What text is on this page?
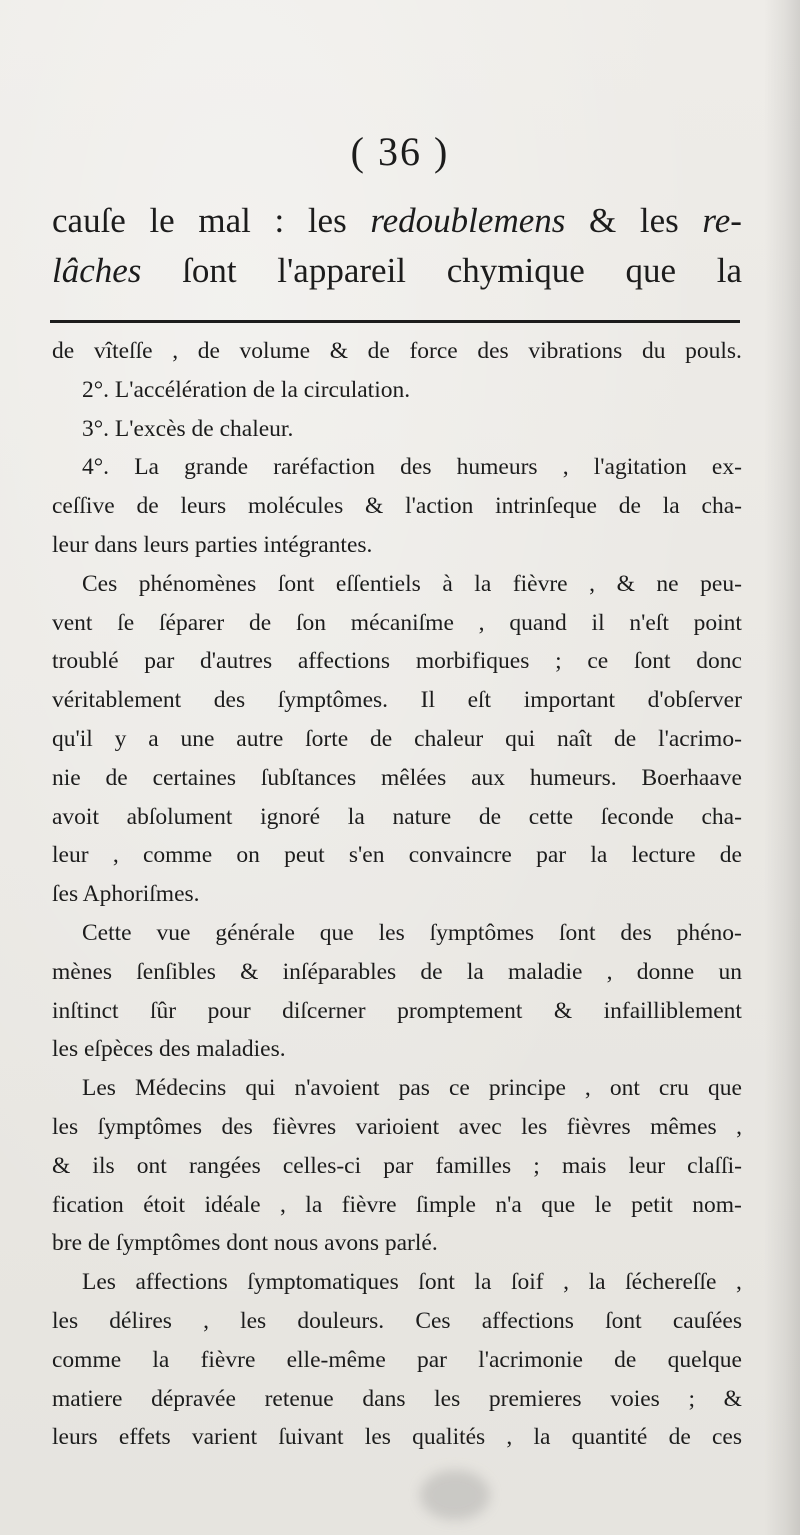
( 36 )
cauſe le mal : les redoublemens & les re-
lâches ſont l'appareil chymique que la
de vîteſſe , de volume & de force des vibrations du pouls.
2°. L'accélération de la circulation.
3°. L'excès de chaleur.
4°. La grande raréfaction des humeurs , l'agitation ex-
ceſſive de leurs molécules & l'action intrinſeque de la cha-
leur dans leurs parties intégrantes.
Ces phénomènes ſont eſſentiels à la fièvre , & ne peu-
vent ſe ſéparer de ſon mécaniſme , quand il n'eſt point
troublé par d'autres affections morbifiques ; ce ſont donc
véritablement des ſymptômes. Il eſt important d'obſerver
qu'il y a une autre ſorte de chaleur qui naît de l'acrimo-
nie de certaines ſubſtances mêlées aux humeurs. Boerhaave
avoit abſolument ignoré la nature de cette ſeconde cha-
leur , comme on peut s'en convaincre par la lecture de
ſes Aphoriſmes.
Cette vue générale que les ſymptômes ſont des phéno-
mènes ſenſibles & inſéparables de la maladie , donne un
inſtinct ſûr pour diſcerner promptement & infailliblement
les eſpèces des maladies.
Les Médecins qui n'avoient pas ce principe , ont cru que
les ſymptômes des fièvres varioient avec les fièvres mêmes ,
& ils ont rangées celles-ci par familles ; mais leur claſſi-
fication étoit idéale , la fièvre ſimple n'a que le petit nom-
bre de ſymptômes dont nous avons parlé.
Les affections ſymptomatiques ſont la ſoif , la ſéchereſſe ,
les délires , les douleurs. Ces affections ſont cauſées
comme la fièvre elle-même par l'acrimonie de quelque
matiere dépravée retenue dans les premieres voies ; &
leurs effets varient ſuivant les qualités , la quantité de ces
